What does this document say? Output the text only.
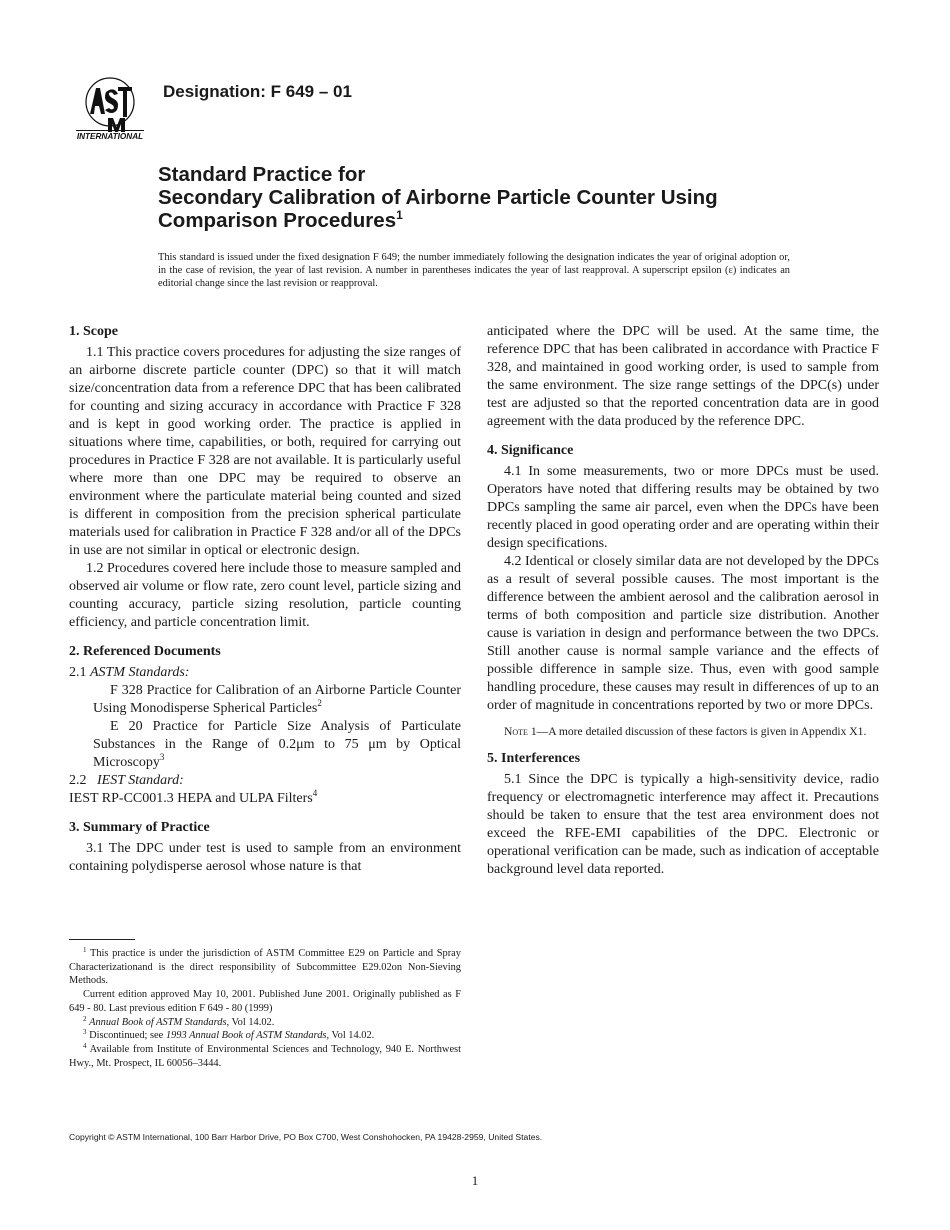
INTERNATIONAL
Designation: F 649 – 01
Standard Practice for
Secondary Calibration of Airborne Particle Counter Using
Comparison Procedures$^1$
This standard is issued under the fixed designation F 649; the number immediately following the designation indicates the year of original adoption or, in the case of revision, the year of last revision. A number in parentheses indicates the year of last reapproval. A superscript epsilon (ε) indicates an editorial change since the last revision or reapproval.
1. Scope

1.1 This practice covers procedures for adjusting the size ranges of an airborne discrete particle counter (DPC) so that it will match size/concentration data from a reference DPC that has been calibrated for counting and sizing accuracy in accordance with Practice F 328 and is kept in good working order. The practice is applied in situations where time, capabilities, or both, required for carrying out procedures in Practice F 328 are not available. It is particularly useful where more than one DPC may be required to observe an environment where the particulate material being counted and sized is different in composition from the precision spherical particulate materials used for calibration in Practice F 328 and/or all of the DPCs in use are not similar in optical or electronic design.

1.2 Procedures covered here include those to measure sampled and observed air volume or flow rate, zero count level, particle sizing and counting accuracy, particle sizing resolution, particle counting efficiency, and particle concentration limit.

2. Referenced Documents

2.1 ASTM Standards:

F 328 Practice for Calibration of an Airborne Particle Counter Using Monodisperse Spherical Particles$^2$

E 20 Practice for Particle Size Analysis of Particulate Substances in the Range of 0.2μm to 75 μm by Optical Microscopy$^3$

2.2 IEST Standard:

IEST RP-CC001.3 HEPA and ULPA Filters$^4$

3. Summary of Practice

3.1 The DPC under test is used to sample from an environment containing polydisperse aerosol whose nature is that

anticipated where the DPC will be used. At the same time, the reference DPC that has been calibrated in accordance with Practice F 328, and maintained in good working order, is used to sample from the same environment. The size range settings of the DPC(s) under test are adjusted so that the reported concentration data are in good agreement with the data produced by the reference DPC.

4. Significance

4.1 In some measurements, two or more DPCs must be used. Operators have noted that differing results may be obtained by two DPCs sampling the same air parcel, even when the DPCs have been recently placed in good operating order and are operating within their design specifications.

4.2 Identical or closely similar data are not developed by the DPCs as a result of several possible causes. The most important is the difference between the ambient aerosol and the calibration aerosol in terms of both composition and particle size distribution. Another cause is variation in design and performance between the two DPCs. Still another cause is normal sample variance and the effects of possible difference in sample size. Thus, even with good sample handling procedure, these causes may result in differences of up to an order of magnitude in concentrations reported by two or more DPCs.

Note 1—A more detailed discussion of these factors is given in Appendix X1.

5. Interferences

5.1 Since the DPC is typically a high-sensitivity device, radio frequency or electromagnetic interference may affect it. Precautions should be taken to ensure that the test area environment does not exceed the RFE-EMI capabilities of the DPC. Electronic or operational verification can be made, such as indication of acceptable background level data reported.

$^1$ This practice is under the jurisdiction of ASTM Committee E29 on Particle and Spray Characterizationand is the direct responsibility of Subcommittee E29.02on Non-Sieving Methods.

Current edition approved May 10, 2001. Published June 2001. Originally published as F 649 - 80. Last previous edition F 649 - 80 (1999)

$^2$ Annual Book of ASTM Standards, Vol 14.02.

$^3$ Discontinued; see 1993 Annual Book of ASTM Standards, Vol 14.02.

$^4$ Available from Institute of Environmental Sciences and Technology, 940 E. Northwest Hwy., Mt. Prospect, IL 60056–3444.

Copyright © ASTM International, 100 Barr Harbor Drive, PO Box C700, West Conshohocken, PA 19428-2959, United States.
1
